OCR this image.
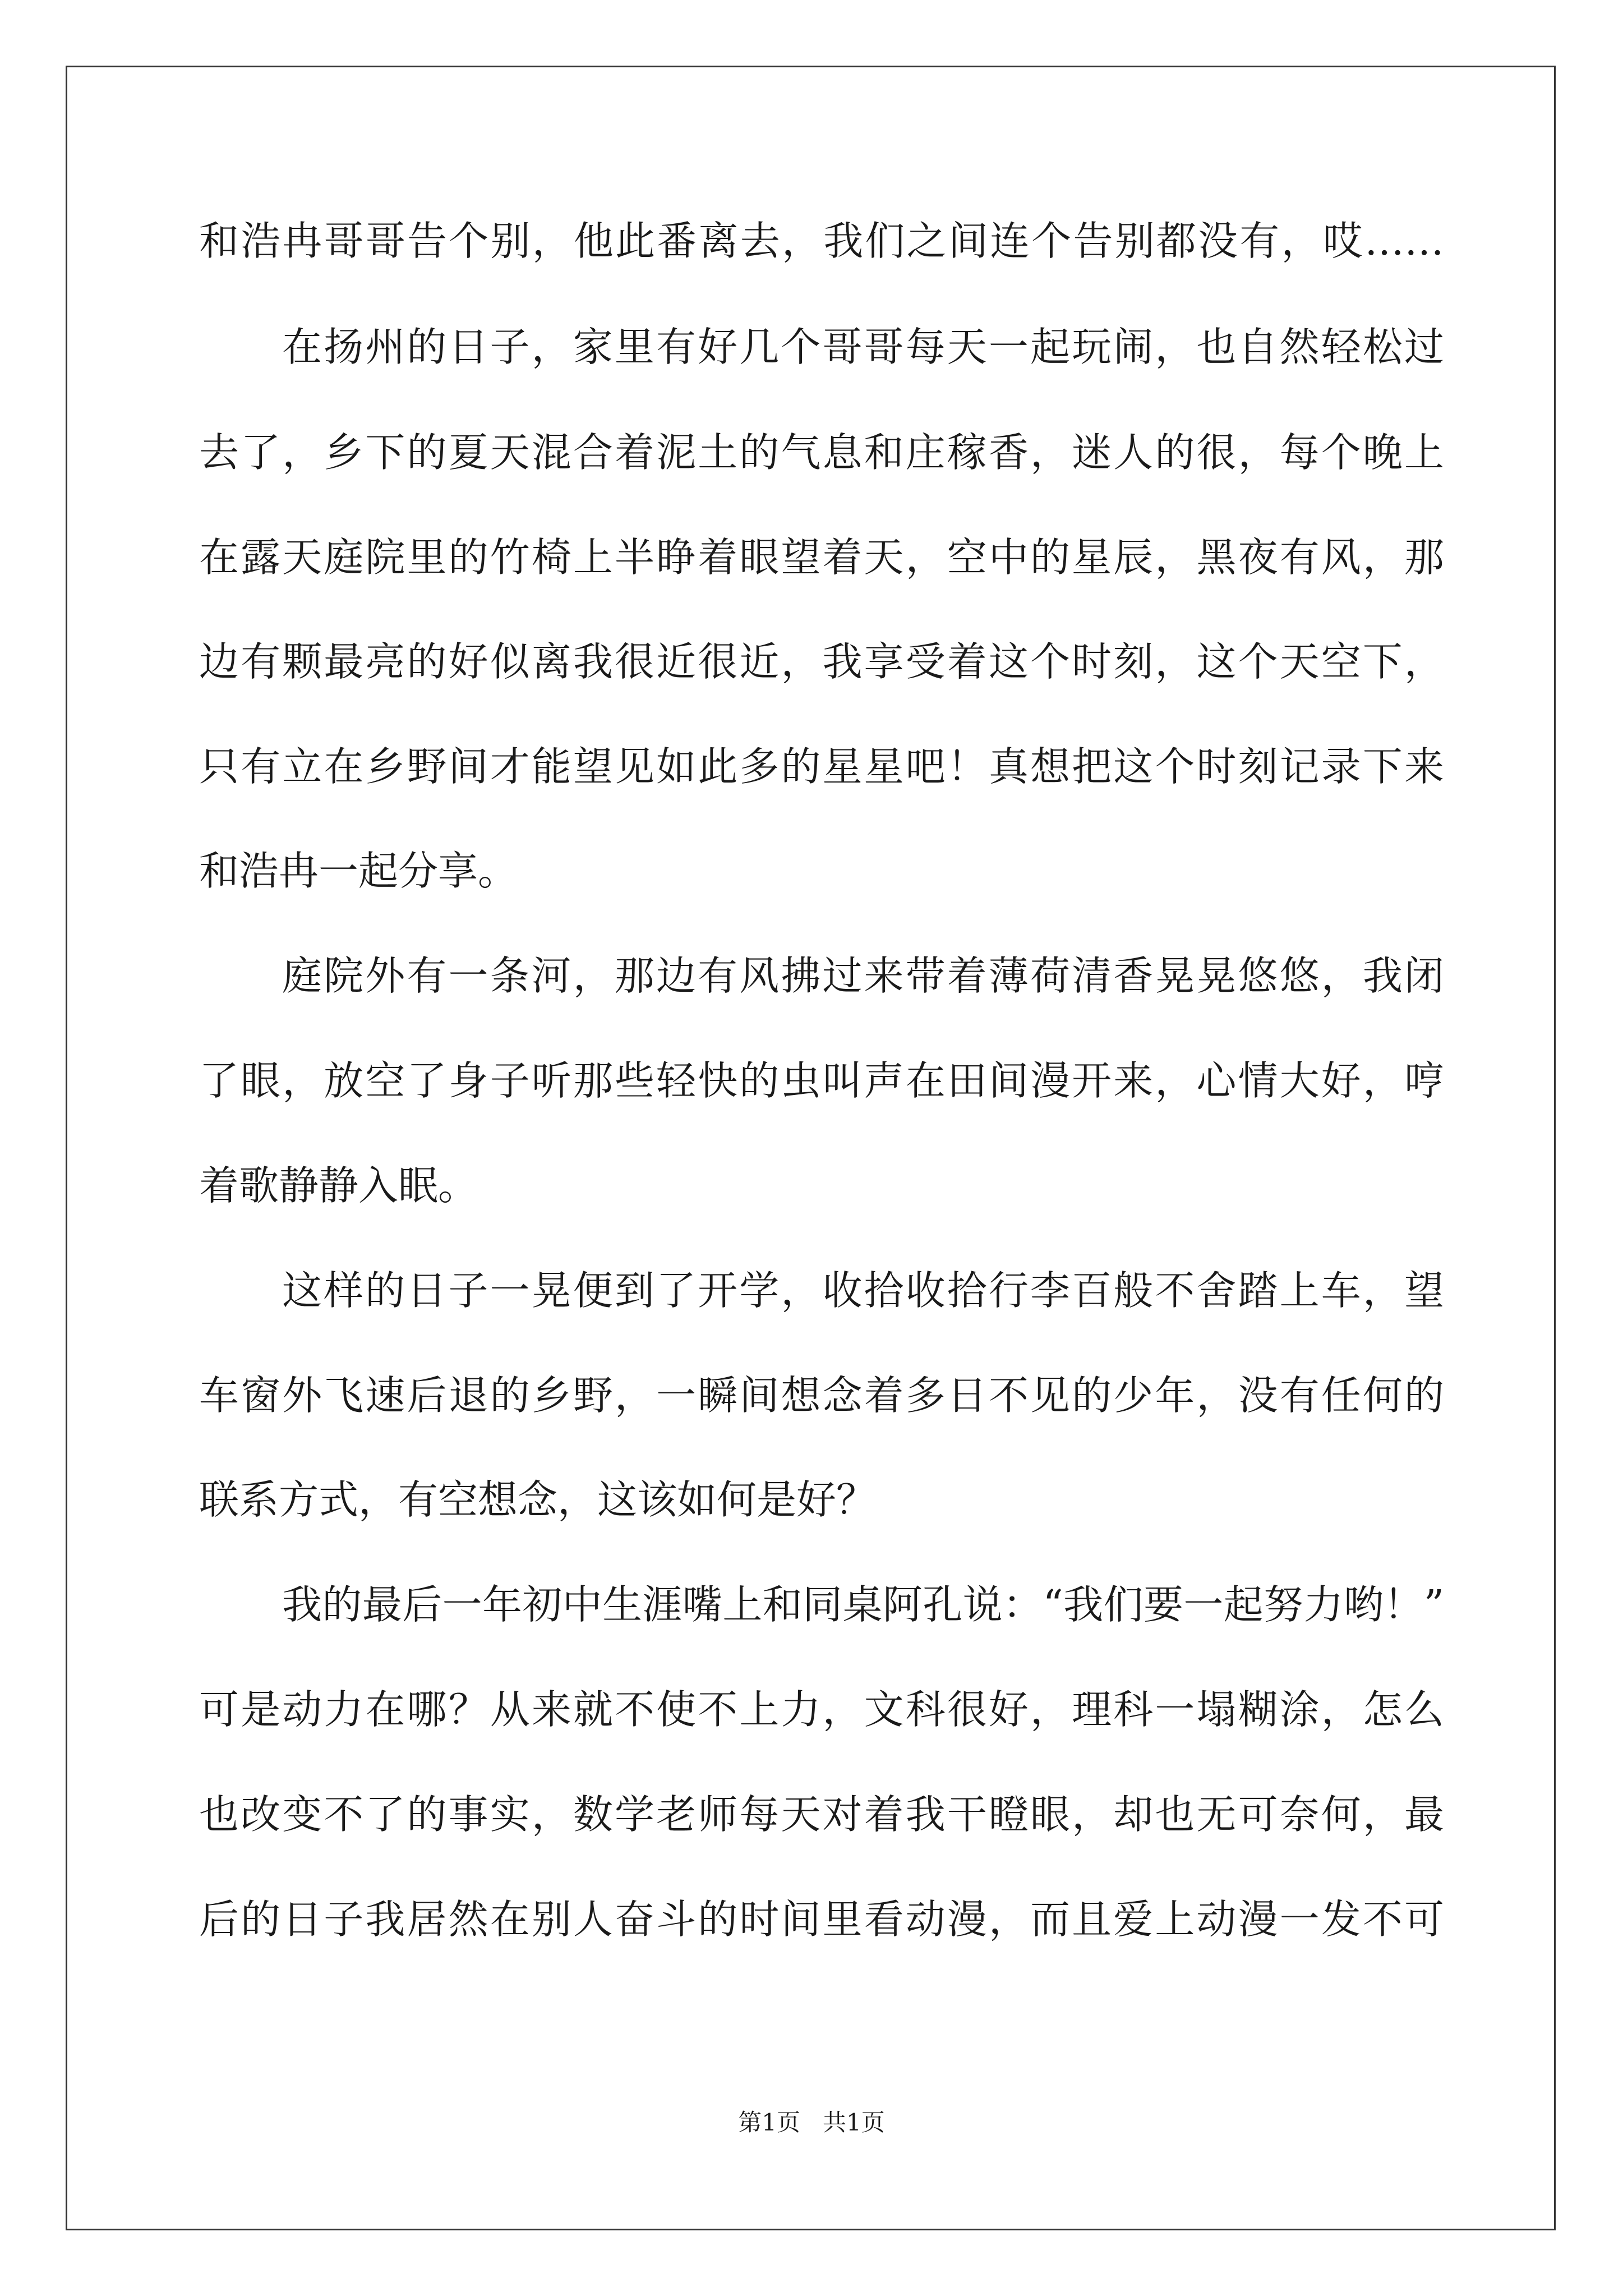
和浩冉哥哥告个别，他此番离去，我们之间连个告别都没有，哎……

在扬州的日子，家里有好几个哥哥每天一起玩闹，也自然轻松过

去了，乡下的夏天混合着泥土的气息和庄稼香，迷人的很，每个晚上

在露天庭院里的竹椅上半睁着眼望着天，空中的星辰，黑夜有风，那

边有颗最亮的好似离我很近很近，我享受着这个时刻，这个天空下，

只有立在乡野间才能望见如此多的星星吧！真想把这个时刻记录下来

和浩冉一起分享。

庭院外有一条河，那边有风拂过来带着薄荷清香晃晃悠悠，我闭

了眼，放空了身子听那些轻快的虫叫声在田间漫开来，心情大好，哼

着歌静静入眠。

这样的日子一晃便到了开学，收拾收拾行李百般不舍踏上车，望

车窗外飞速后退的乡野，一瞬间想念着多日不见的少年，没有任何的

联系方式，有空想念，这该如何是好？

我的最后一年初中生涯嘴上和同桌阿孔说：“我们要一起努力哟！”

可是动力在哪？从来就不使不上力，文科很好，理科一塌糊涂，怎么

也改变不了的事实，数学老师每天对着我干瞪眼，却也无可奈何，最

后的日子我居然在别人奋斗的时间里看动漫，而且爱上动漫一发不可

第1页   共1页
